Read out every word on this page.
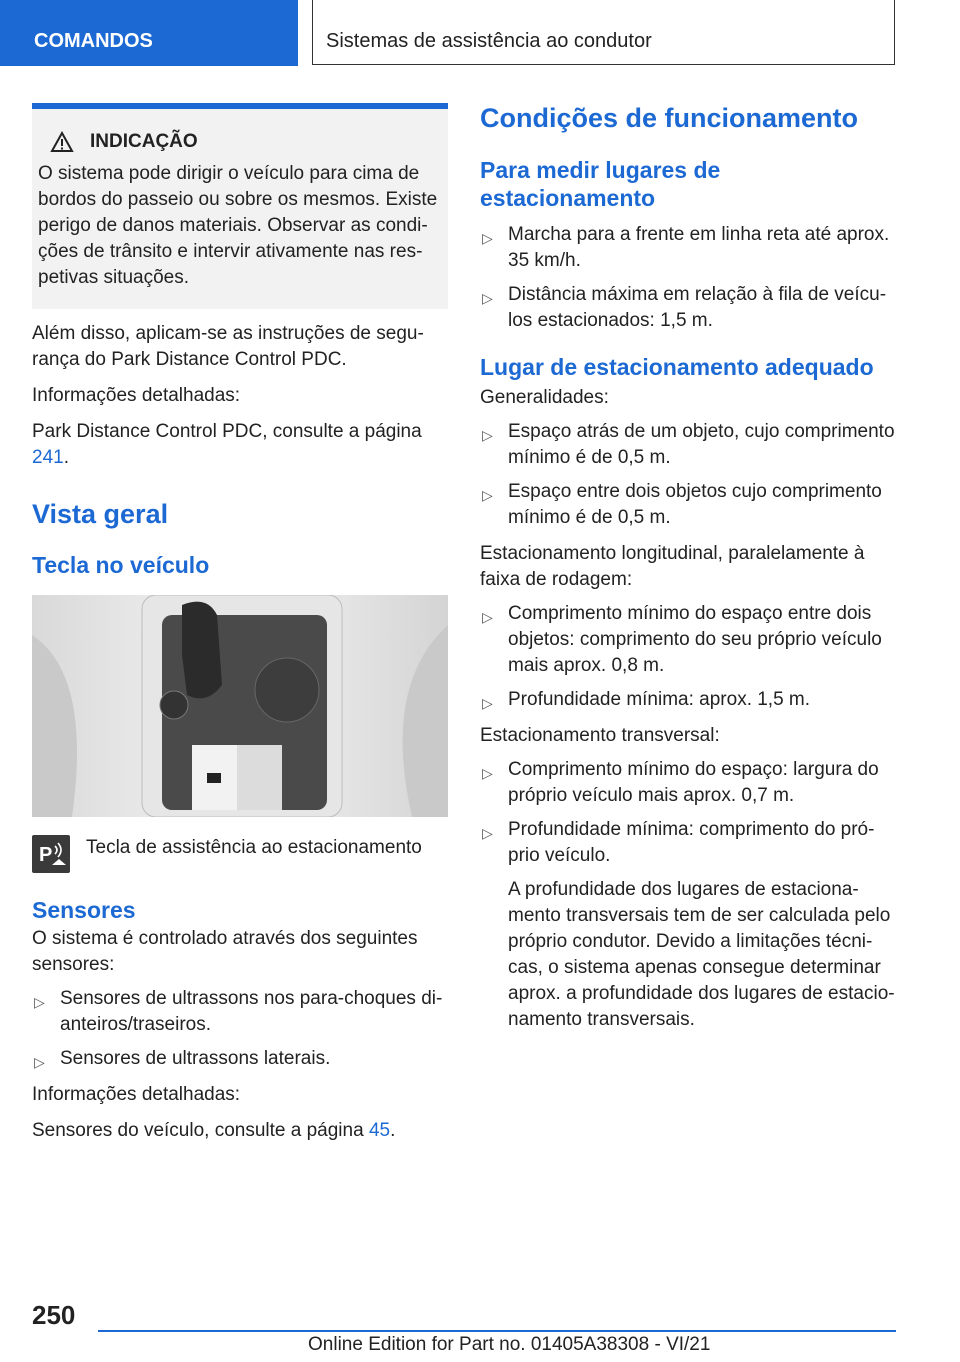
COMANDOS	Sistemas de assistência ao condutor
INDICAÇÃO
O sistema pode dirigir o veículo para cima de bordos do passeio ou sobre os mesmos. Existe perigo de danos materiais. Observar as condições de trânsito e intervir ativamente nas respetivas situações.

Além disso, aplicam-se as instruções de segurança do Park Distance Control PDC.

Informações detalhadas:

Park Distance Control PDC, consulte a página 241.

Vista geral
Tecla no veículo
P Tecla de assistência ao estacionamento
Sensores

O sistema é controlado através dos seguintes sensores:

▷ Sensores de ultrassons nos para-choques dianteiros/traseiros.
▷ Sensores de ultrassons laterais.

Informações detalhadas:

Sensores do veículo, consulte a página 45.

Condições de funcionamento
Para medir lugares de estacionamento
▷ Marcha para a frente em linha reta até aprox. 35 km/h.
▷ Distância máxima em relação à fila de veículos estacionados: 1,5 m.
Lugar de estacionamento adequado

Generalidades:

▷ Espaço atrás de um objeto, cujo comprimento mínimo é de 0,5 m.
▷ Espaço entre dois objetos cujo comprimento mínimo é de 0,5 m.

Estacionamento longitudinal, paralelamente à faixa de rodagem:

▷ Comprimento mínimo do espaço entre dois objetos: comprimento do seu próprio veículo mais aprox. 0,8 m.
▷ Profundidade mínima: aprox. 1,5 m.

Estacionamento transversal:

▷ Comprimento mínimo do espaço: largura do próprio veículo mais aprox. 0,7 m.
▷ Profundidade mínima: comprimento do próprio veículo.

A profundidade dos lugares de estacionamento transversais tem de ser calculada pelo próprio condutor. Devido a limitações técnicas, o sistema apenas consegue determinar aprox. a profundidade dos lugares de estacionamento transversais.

250
Online Edition for Part no. 01405A38308 - VI/21
